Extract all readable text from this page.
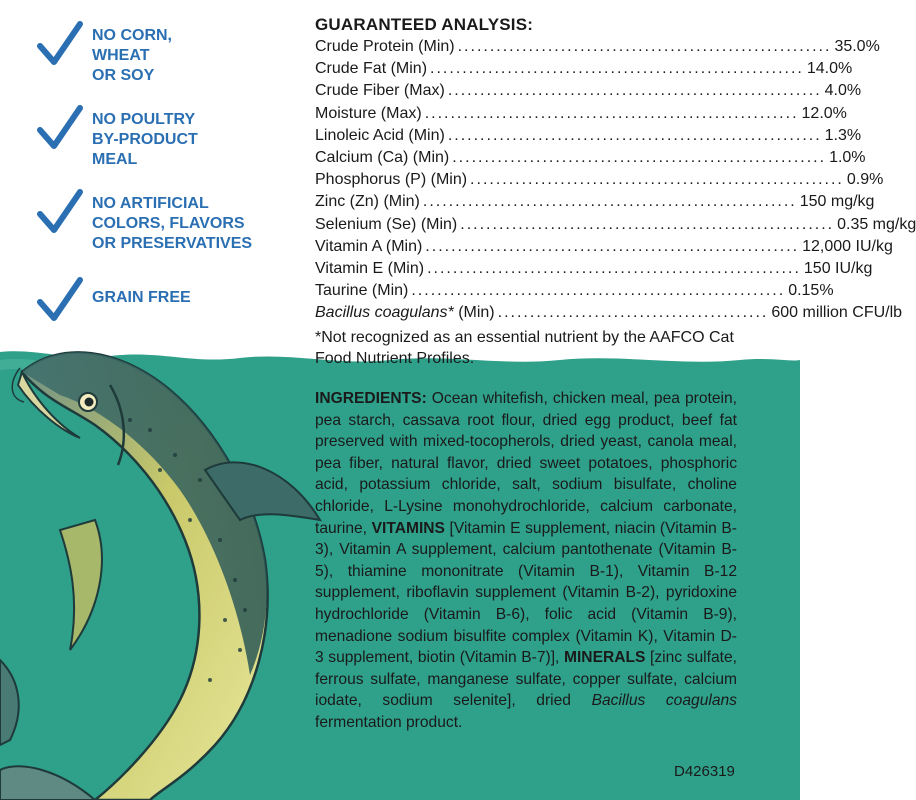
NO CORN,
WHEAT
OR SOY
NO POULTRY
BY-PRODUCT
MEAL
NO ARTIFICIAL
COLORS, FLAVORS
OR PRESERVATIVES
GRAIN FREE
GUARANTEED ANALYSIS:
Crude Protein (Min) .......................................................... 35.0%
Crude Fat (Min) .......................................................... 14.0%
Crude Fiber (Max) .......................................................... 4.0%
Moisture (Max) .......................................................... 12.0%
Linoleic Acid (Min) .......................................................... 1.3%
Calcium (Ca) (Min) .......................................................... 1.0%
Phosphorus (P) (Min) .......................................................... 0.9%
Zinc (Zn) (Min) .......................................................... 150 mg/kg
Selenium (Se) (Min) .......................................................... 0.35 mg/kg
Vitamin A (Min) .......................................................... 12,000 IU/kg
Vitamin E (Min) .......................................................... 150 IU/kg
Taurine (Min) .......................................................... 0.15%
Bacillus coagulans* (Min) .......................................... 600 million CFU/lb
*Not recognized as an essential nutrient by the AAFCO Cat Food Nutrient Profiles.
INGREDIENTS: Ocean whitefish, chicken meal, pea protein, pea starch, cassava root flour, dried egg product, beef fat preserved with mixed-tocopherols, dried yeast, canola meal, pea fiber, natural flavor, dried sweet potatoes, phosphoric acid, potassium chloride, salt, sodium bisulfate, choline chloride, L-Lysine monohydrochloride, calcium carbonate, taurine, VITAMINS [Vitamin E supplement, niacin (Vitamin B-3), Vitamin A supplement, calcium pantothenate (Vitamin B-5), thiamine mononitrate (Vitamin B-1), Vitamin B-12 supplement, riboflavin supplement (Vitamin B-2), pyridoxine hydrochloride (Vitamin B-6), folic acid (Vitamin B-9), menadione sodium bisulfite complex (Vitamin K), Vitamin D-3 supplement, biotin (Vitamin B-7)], MINERALS [zinc sulfate, ferrous sulfate, manganese sulfate, copper sulfate, calcium iodate, sodium selenite], dried Bacillus coagulans fermentation product.
D426319
